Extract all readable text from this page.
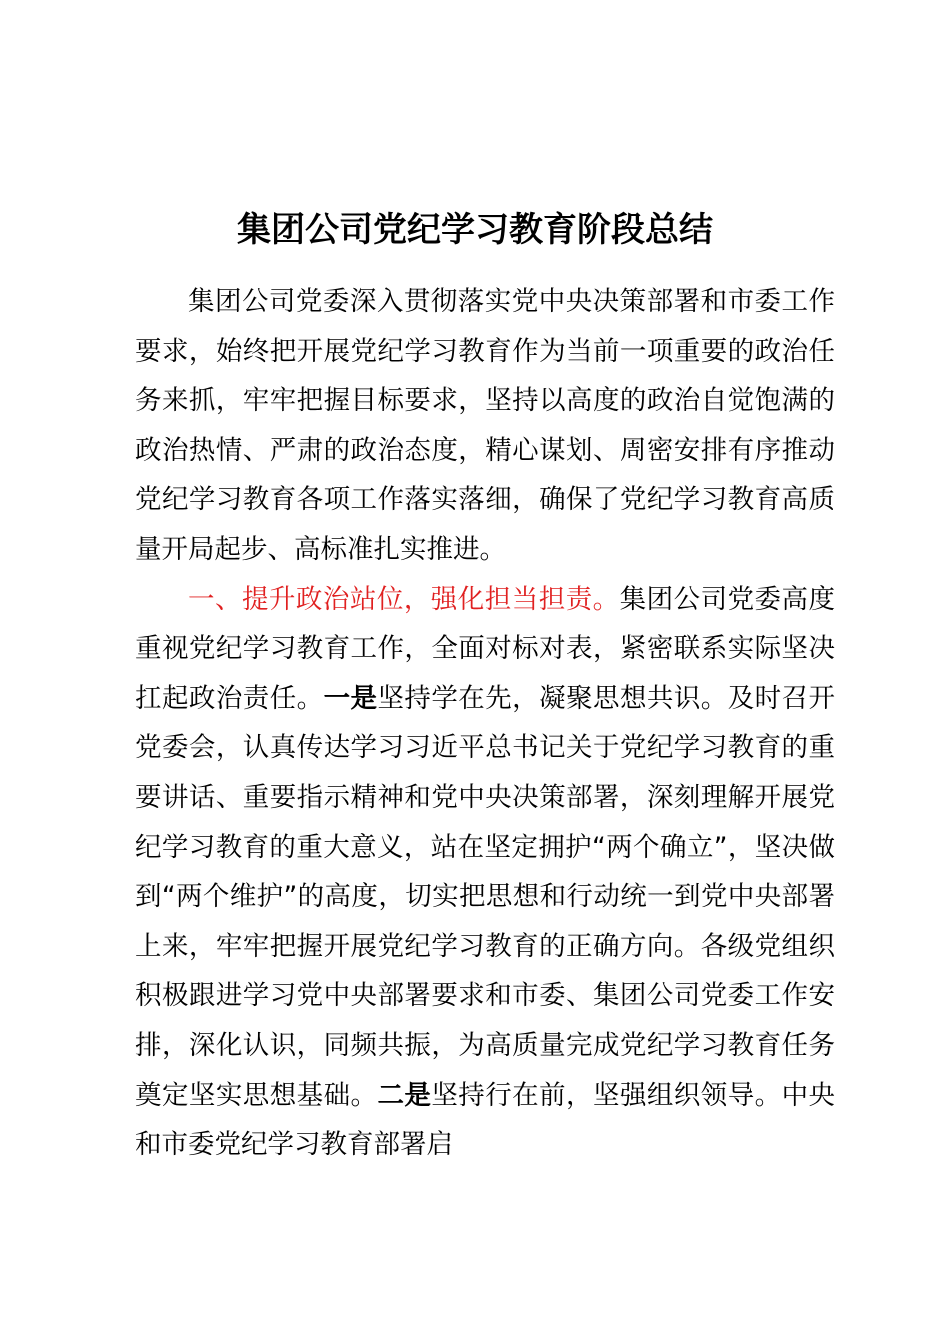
集团公司党纪学习教育阶段总结

集团公司党委深入贯彻落实党中央决策部署和市委工作要求，始终把开展党纪学习教育作为当前一项重要的政治任务来抓，牢牢把握目标要求，坚持以高度的政治自觉饱满的政治热情、严肃的政治态度，精心谋划、周密安排有序推动党纪学习教育各项工作落实落细，确保了党纪学习教育高质量开局起步、高标准扎实推进。

一、提升政治站位，强化担当担责。集团公司党委高度重视党纪学习教育工作，全面对标对表，紧密联系实际坚决扛起政治责任。一是坚持学在先，凝聚思想共识。及时召开党委会，认真传达学习习近平总书记关于党纪学习教育的重要讲话、重要指示精神和党中央决策部署，深刻理解开展党纪学习教育的重大意义，站在坚定拥护“两个确立”，坚决做到“两个维护”的高度，切实把思想和行动统一到党中央部署上来，牢牢把握开展党纪学习教育的正确方向。各级党组织积极跟进学习党中央部署要求和市委、集团公司党委工作安排，深化认识，同频共振，为高质量完成党纪学习教育任务奠定坚实思想基础。二是坚持行在前，坚强组织领导。中央和市委党纪学习教育部署启
